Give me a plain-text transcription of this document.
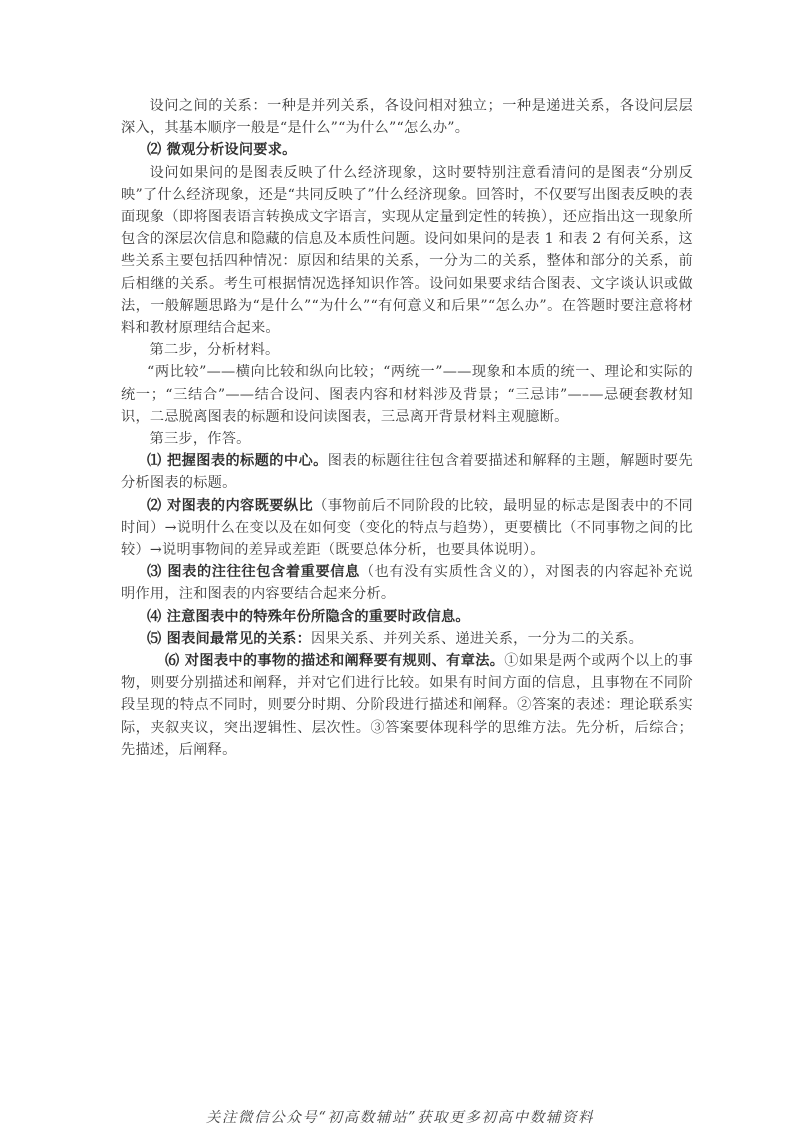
设问之间的关系：一种是并列关系，各设问相对独立；一种是递进关系，各设问层层深入，其基本顺序一般是“是什么”“为什么”“怎么办”。

⑵ 微观分析设问要求。

设问如果问的是图表反映了什么经济现象，这时要特别注意看清问的是图表“分别反映”了什么经济现象，还是“共同反映了”什么经济现象。回答时，不仅要写出图表反映的表面现象（即将图表语言转换成文字语言，实现从定量到定性的转换），还应指出这一现象所包含的深层次信息和隐藏的信息及本质性问题。设问如果问的是表 1 和表 2 有何关系，这些关系主要包括四种情况：原因和结果的关系，一分为二的关系，整体和部分的关系，前后相继的关系。考生可根据情况选择知识作答。设问如果要求结合图表、文字谈认识或做法，一般解题思路为“是什么”“为什么”“有何意义和后果”“怎么办”。在答题时要注意将材料和教材原理结合起来。

第二步，分析材料。

“两比较”——横向比较和纵向比较；“两统一”——现象和本质的统一、理论和实际的统一；“三结合”——结合设问、图表内容和材料涉及背景；“三忌讳”—–—忌硬套教材知识，二忌脱离图表的标题和设问读图表，三忌离开背景材料主观臆断。

第三步，作答。

⑴ 把握图表的标题的中心。图表的标题往往包含着要描述和解释的主题，解题时要先分析图表的标题。

⑵ 对图表的内容既要纵比（事物前后不同阶段的比较，最明显的标志是图表中的不同时间）→说明什么在变以及在如何变（变化的特点与趋势），更要横比（不同事物之间的比较）→说明事物间的差异或差距（既要总体分析，也要具体说明）。

⑶ 图表的注往往包含着重要信息（也有没有实质性含义的），对图表的内容起补充说明作用，注和图表的内容要结合起来分析。

⑷ 注意图表中的特殊年份所隐含的重要时政信息。

⑸ 图表间最常见的关系：因果关系、并列关系、递进关系，一分为二的关系。

⑹ 对图表中的事物的描述和阐释要有规则、有章法。①如果是两个或两个以上的事物，则要分别描述和阐释，并对它们进行比较。如果有时间方面的信息，且事物在不同阶段呈现的特点不同时，则要分时期、分阶段进行描述和阐释。②答案的表述：理论联系实际，夹叙夹议，突出逻辑性、层次性。③答案要体现科学的思维方法。先分析，后综合；先描述，后阐释。

关注微信公众号“初高数辅站”获取更多初高中数辅资料
